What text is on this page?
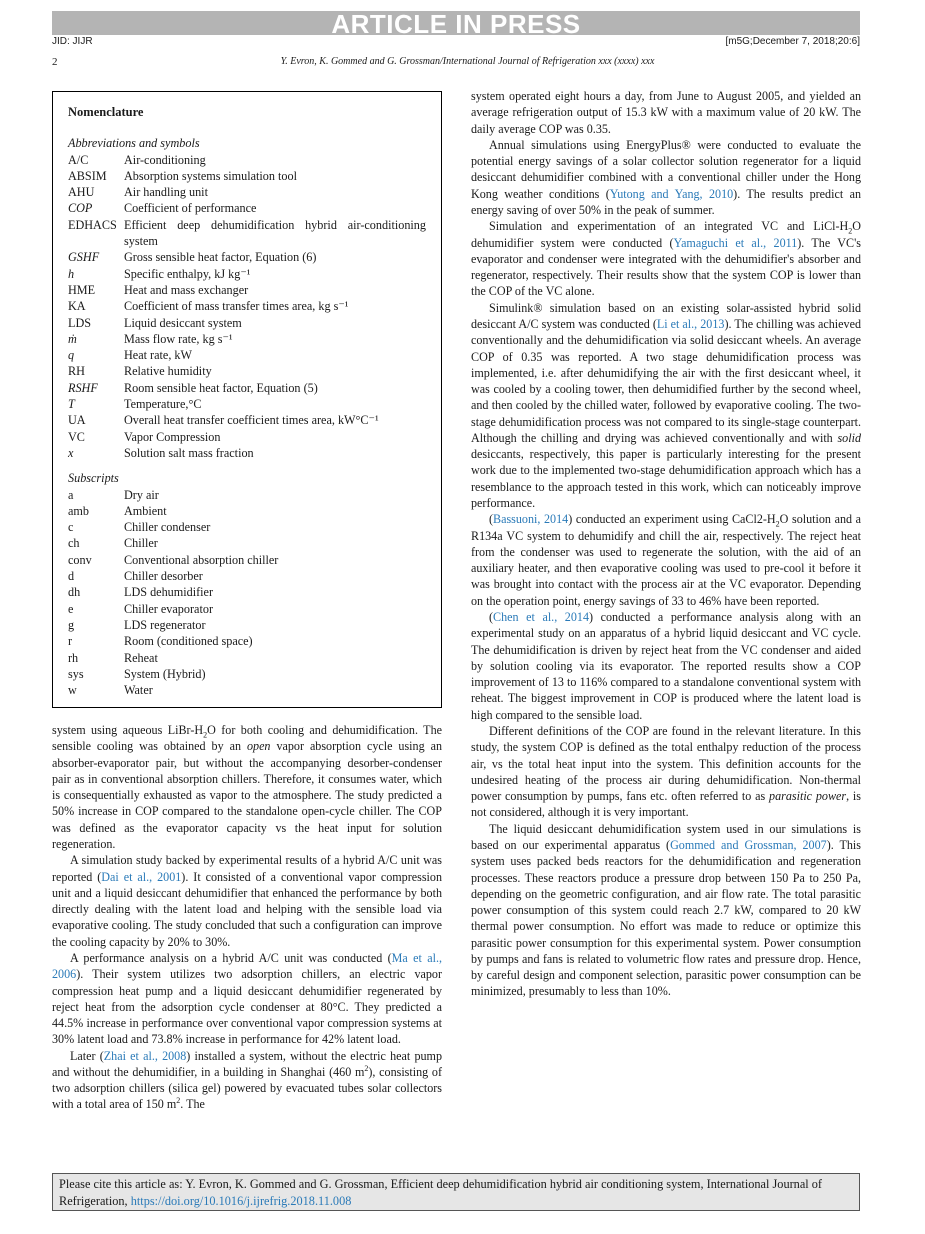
ARTICLE IN PRESS
JID: JIJR	[m5G;December 7, 2018;20:6]
2	Y. Evron, K. Gommed and G. Grossman/International Journal of Refrigeration xxx (xxxx) xxx
Nomenclature
Abbreviations and symbols
A/C	Air-conditioning
ABSIM	Absorption systems simulation tool
AHU	Air handling unit
COP	Coefficient of performance
EDHACS Efficient deep dehumidification hybrid air-conditioning system
GSHF	Gross sensible heat factor, Equation (6)
h	Specific enthalpy, kJ kg⁻¹
HME	Heat and mass exchanger
KA	Coefficient of mass transfer times area, kg s⁻¹
LDS	Liquid desiccant system
ṁ	Mass flow rate, kg s⁻¹
q	Heat rate, kW
RH	Relative humidity
RSHF	Room sensible heat factor, Equation (5)
T	Temperature,°C
UA	Overall heat transfer coefficient times area, kW°C⁻¹
VC	Vapor Compression
x	Solution salt mass fraction
Subscripts
a	Dry air
amb	Ambient
c	Chiller condenser
ch	Chiller
conv	Conventional absorption chiller
d	Chiller desorber
dh	LDS dehumidifier
e	Chiller evaporator
g	LDS regenerator
r	Room (conditioned space)
rh	Reheat
sys	System (Hybrid)
w	Water

system using aqueous LiBr-$H_2O$ for both cooling and dehumidification. The sensible cooling was obtained by an open vapor absorption cycle using an absorber-evaporator pair, but without the accompanying desorber-condenser pair as in conventional absorption chillers. Therefore, it consumes water, which is consequentially exhausted as vapor to the atmosphere. The study predicted a 50% increase in COP compared to the standalone open-cycle chiller. The COP was defined as the evaporator capacity vs the heat input for solution regeneration.

A simulation study backed by experimental results of a hybrid A/C unit was reported (Dai et al., 2001). It consisted of a conventional vapor compression unit and a liquid desiccant dehumidifier that enhanced the performance by both directly dealing with the latent load and helping with the sensible load via evaporative cooling. The study concluded that such a configuration can improve the cooling capacity by 20% to 30%.

A performance analysis on a hybrid A/C unit was conducted (Ma et al., 2006). Their system utilizes two adsorption chillers, an electric vapor compression heat pump and a liquid desiccant dehumidifier regenerated by reject heat from the adsorption cycle condenser at 80°C. They predicted a 44.5% increase in performance over conventional vapor compression systems at 30% latent load and 73.8% increase in performance for 42% latent load.

Later (Zhai et al., 2008) installed a system, without the electric heat pump and without the dehumidifier, in a building in Shanghai (460 $m^2$), consisting of two adsorption chillers (silica gel) powered by evacuated tubes solar collectors with a total area of 150 $m^2$. The

system operated eight hours a day, from June to August 2005, and yielded an average refrigeration output of 15.3 kW with a maximum value of 20 kW. The daily average COP was 0.35.

Annual simulations using EnergyPlus® were conducted to evaluate the potential energy savings of a solar collector solution regenerator for a liquid desiccant dehumidifier combined with a conventional chiller under the Hong Kong weather conditions (Yutong and Yang, 2010). The results predict an energy saving of over 50% in the peak of summer.

Simulation and experimentation of an integrated VC and LiCl-$H_2O$ dehumidifier system were conducted (Yamaguchi et al., 2011). The VC's evaporator and condenser were integrated with the dehumidifier's absorber and regenerator, respectively. Their results show that the system COP is lower than the COP of the VC alone.

Simulink® simulation based on an existing solar-assisted hybrid solid desiccant A/C system was conducted (Li et al., 2013). The chilling was achieved conventionally and the dehumidification via solid desiccant wheels. An average COP of 0.35 was reported. A two stage dehumidification process was implemented, i.e. after dehumidifying the air with the first desiccant wheel, it was cooled by a cooling tower, then dehumidified further by the second wheel, and then cooled by the chilled water, followed by evaporative cooling. The two-stage dehumidification process was not compared to its single-stage counterpart. Although the chilling and drying was achieved conventionally and with solid desiccants, respectively, this paper is particularly interesting for the present work due to the implemented two-stage dehumidification approach which has a resemblance to the approach tested in this work, which can noticeably improve performance.

(Bassuoni, 2014) conducted an experiment using $CaCl2-H_2O$ solution and a R134a VC system to dehumidify and chill the air, respectively. The reject heat from the condenser was used to regenerate the solution, with the aid of an auxiliary heater, and then evaporative cooling was used to pre-cool it before it was brought into contact with the process air at the VC evaporator. Depending on the operation point, energy savings of 33 to 46% have been reported.

(Chen et al., 2014) conducted a performance analysis along with an experimental study on an apparatus of a hybrid liquid desiccant and VC cycle. The dehumidification is driven by reject heat from the VC condenser and aided by solution cooling via its evaporator. The reported results show a COP improvement of 13 to 116% compared to a standalone conventional system with reheat. The biggest improvement in COP is produced where the latent load is high compared to the sensible load.

Different definitions of the COP are found in the relevant literature. In this study, the system COP is defined as the total enthalpy reduction of the process air, vs the total heat input into the system. This definition accounts for the undesired heating of the process air during dehumidification. Non-thermal power consumption by pumps, fans etc. often referred to as parasitic power, is not considered, although it is very important.

The liquid desiccant dehumidification system used in our simulations is based on our experimental apparatus (Gommed and Grossman, 2007). This system uses packed beds reactors for the dehumidification and regeneration processes. These reactors produce a pressure drop between 150 Pa to 250 Pa, depending on the geometric configuration, and air flow rate. The total parasitic power consumption of this system could reach 2.7 kW, compared to 20 kW thermal power consumption. No effort was made to reduce or optimize this parasitic power consumption for this experimental system. Power consumption by pumps and fans is related to volumetric flow rates and pressure drop. Hence, by careful design and component selection, parasitic power consumption can be minimized, presumably to less than 10%.

Please cite this article as: Y. Evron, K. Gommed and G. Grossman, Efficient deep dehumidification hybrid air conditioning system, International Journal of Refrigeration, https://doi.org/10.1016/j.ijrefrig.2018.11.008
